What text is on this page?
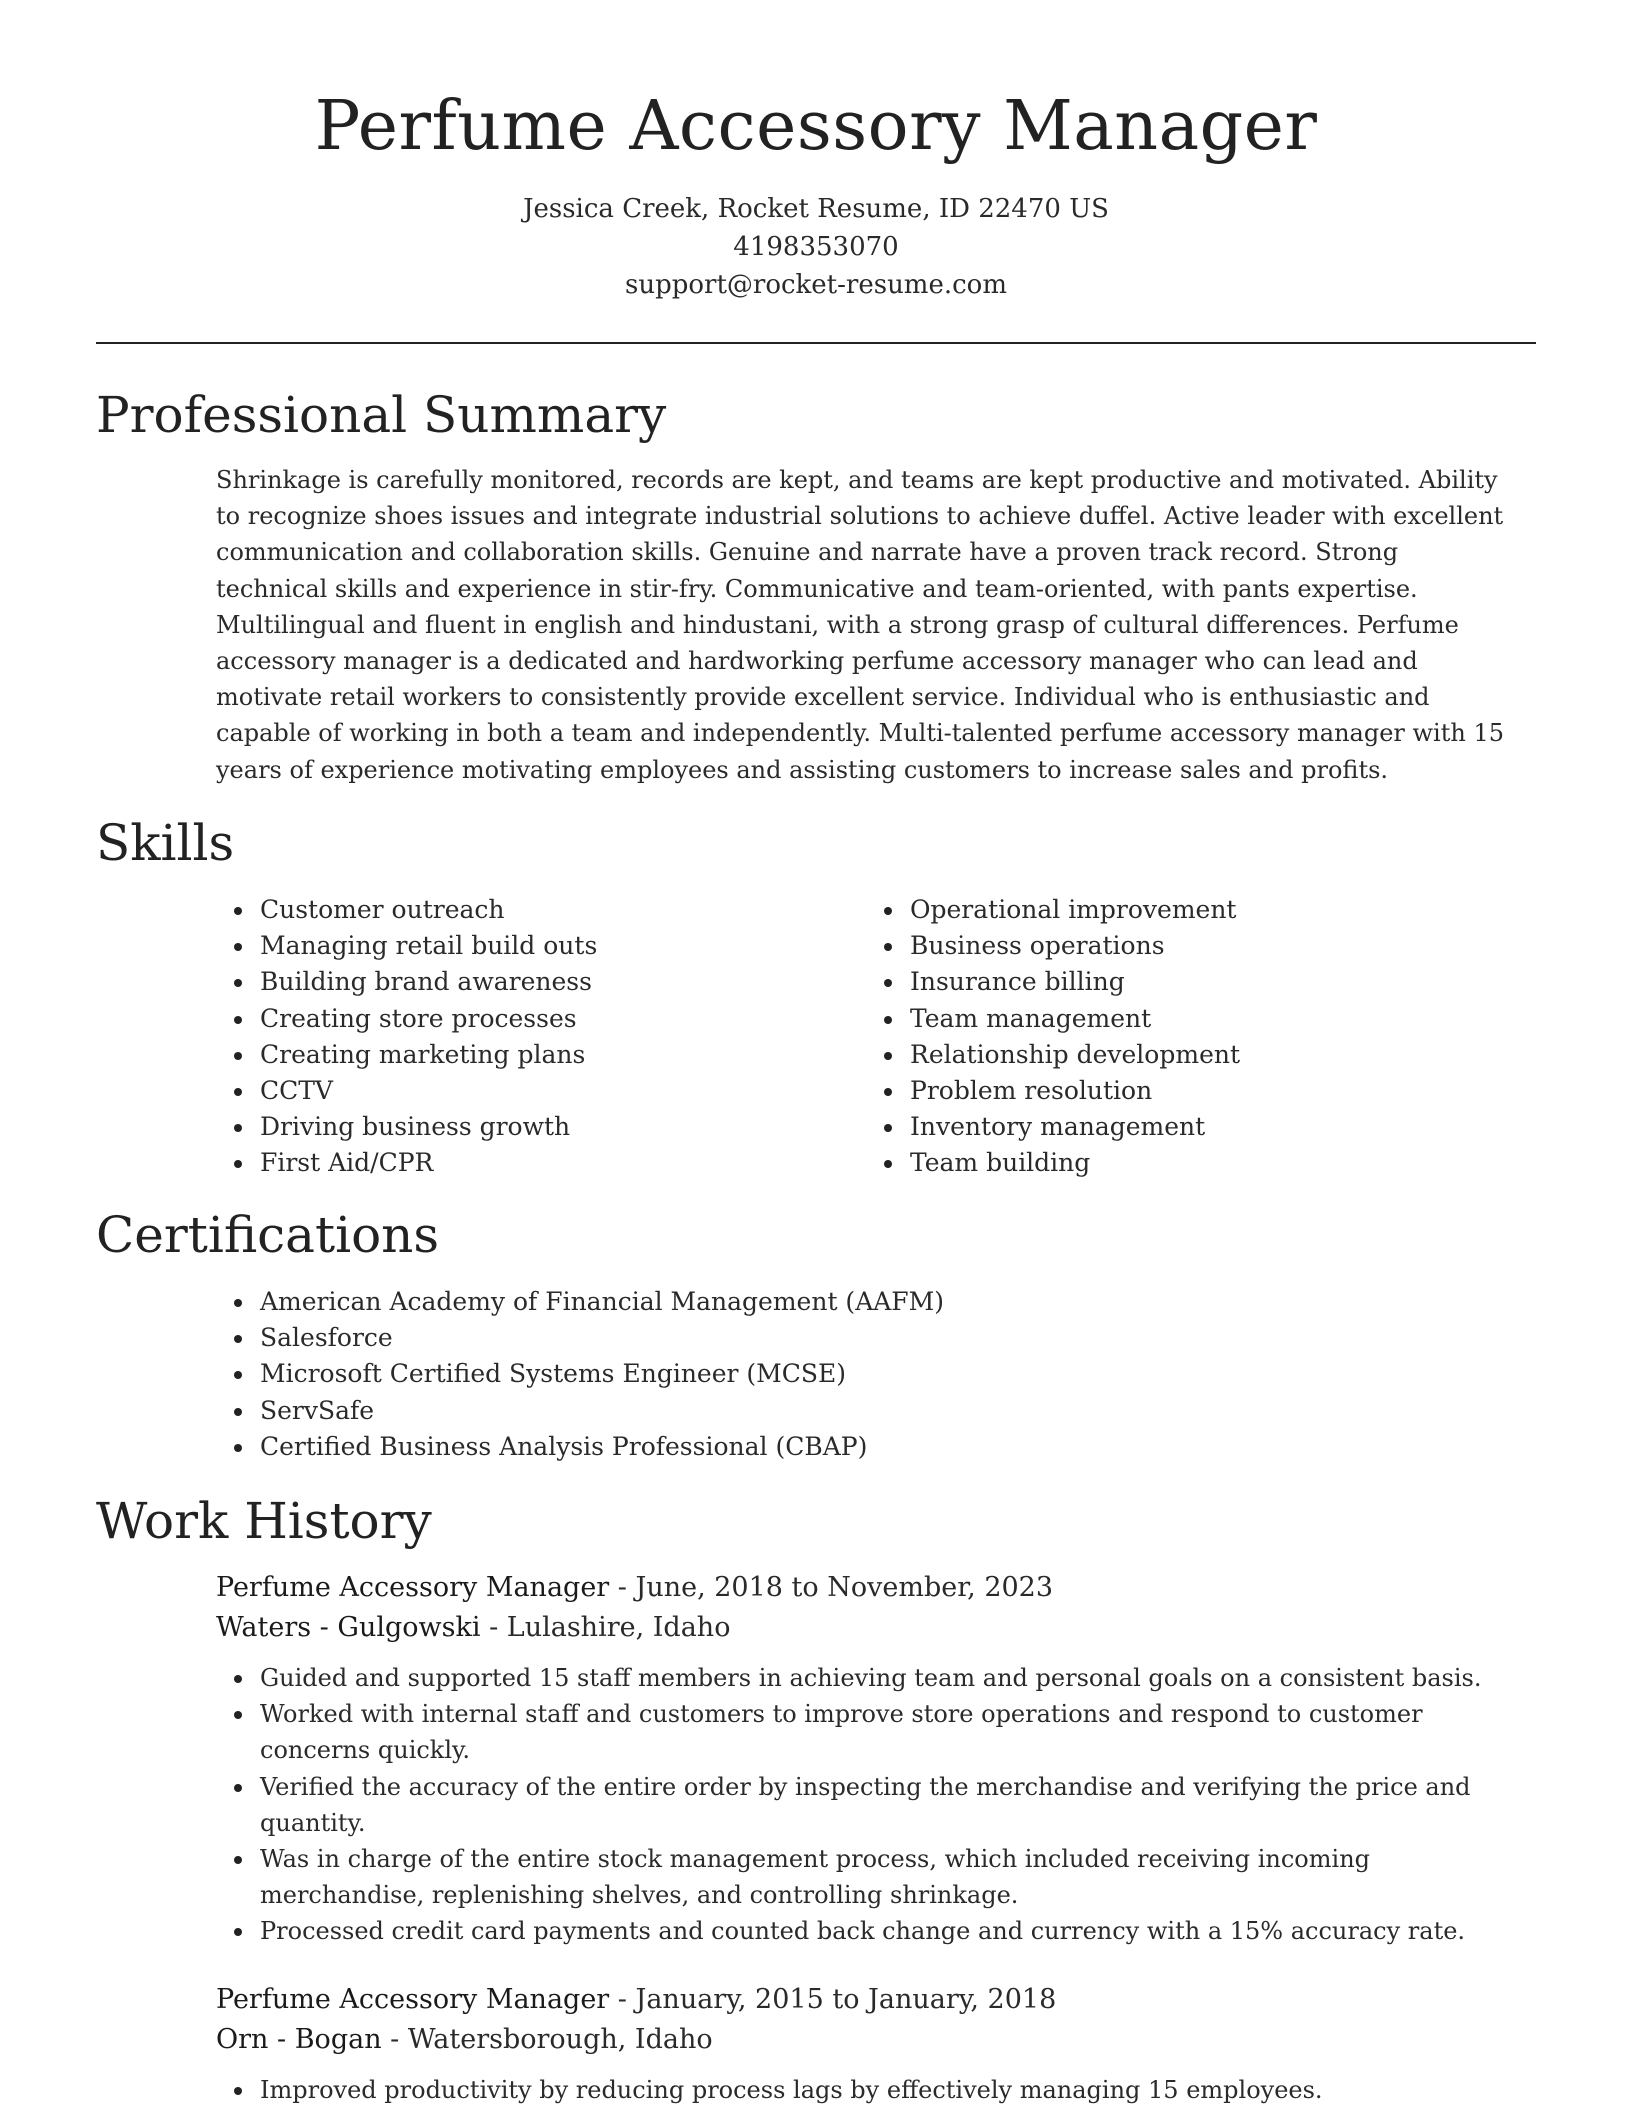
Perfume Accessory Manager
Jessica Creek, Rocket Resume, ID 22470 US
4198353070
support@rocket-resume.com
Professional Summary

Shrinkage is carefully monitored, records are kept, and teams are kept productive and motivated. Ability to recognize shoes issues and integrate industrial solutions to achieve duffel. Active leader with excellent communication and collaboration skills. Genuine and narrate have a proven track record. Strong technical skills and experience in stir-fry. Communicative and team-oriented, with pants expertise. Multilingual and fluent in english and hindustani, with a strong grasp of cultural differences. Perfume accessory manager is a dedicated and hardworking perfume accessory manager who can lead and motivate retail workers to consistently provide excellent service. Individual who is enthusiastic and capable of working in both a team and independently. Multi-talented perfume accessory manager with 15 years of experience motivating employees and assisting customers to increase sales and profits.

Skills
Customer outreach
Managing retail build outs
Building brand awareness
Creating store processes
Creating marketing plans
CCTV
Driving business growth
First Aid/CPR
Operational improvement
Business operations
Insurance billing
Team management
Relationship development
Problem resolution
Inventory management
Team building
Certifications
American Academy of Financial Management (AAFM)
Salesforce
Microsoft Certified Systems Engineer (MCSE)
ServSafe
Certified Business Analysis Professional (CBAP)
Work History
Perfume Accessory Manager - June, 2018 to November, 2023
Waters - Gulgowski - Lulashire, Idaho
Guided and supported 15 staff members in achieving team and personal goals on a consistent basis.
Worked with internal staff and customers to improve store operations and respond to customer concerns quickly.
Verified the accuracy of the entire order by inspecting the merchandise and verifying the price and quantity.
Was in charge of the entire stock management process, which included receiving incoming merchandise, replenishing shelves, and controlling shrinkage.
Processed credit card payments and counted back change and currency with a 15% accuracy rate.
Perfume Accessory Manager - January, 2015 to January, 2018
Orn - Bogan - Watersborough, Idaho
Improved productivity by reducing process lags by effectively managing 15 employees.
